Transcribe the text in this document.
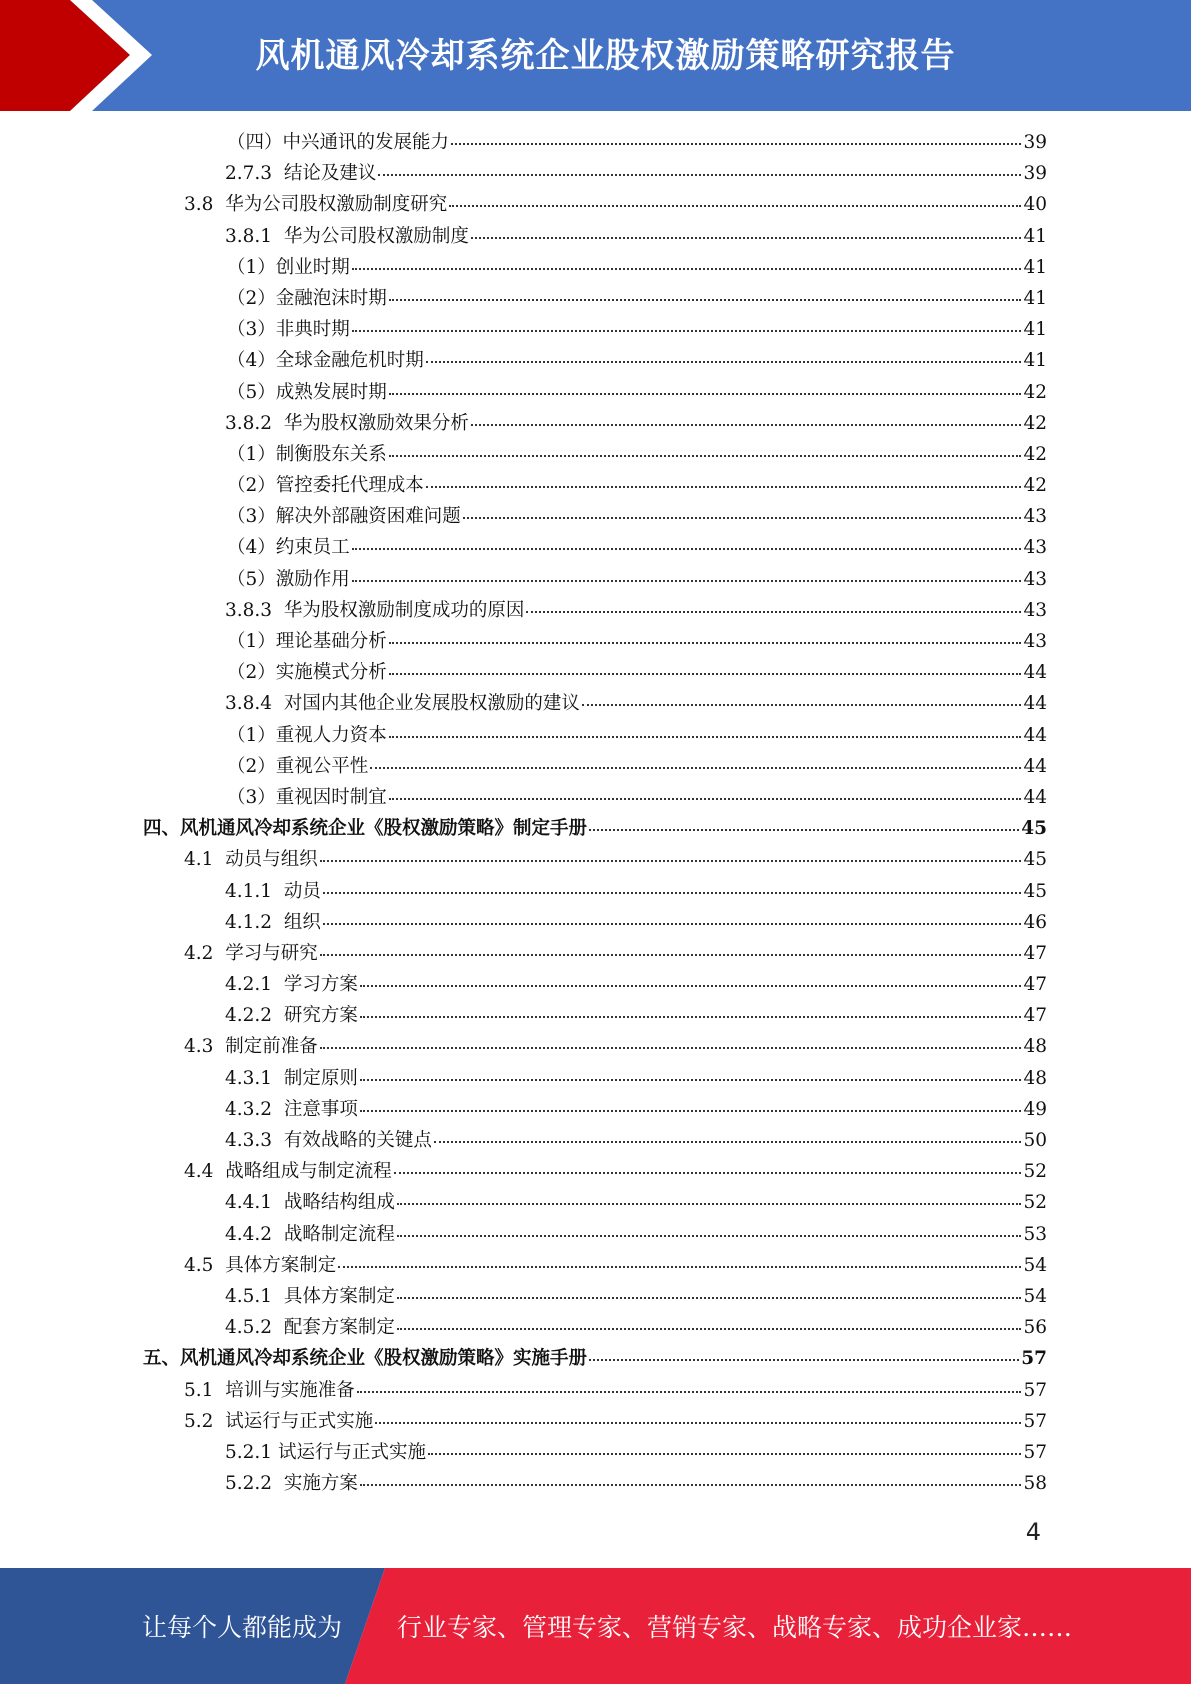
风机通风冷却系统企业股权激励策略研究报告
（四） 中兴通讯的发展能力	39
2.7.3 结论及建议	39
3.8 华为公司股权激励制度研究	40
3.8.1 华为公司股权激励制度	41
（1） 创业时期	41
（2） 金融泡沫时期	41
（3） 非典时期	41
（4） 全球金融危机时期	41
（5） 成熟发展时期	42
3.8.2 华为股权激励效果分析	42
（1） 制衡股东关系	42
（2） 管控委托代理成本	42
（3） 解决外部融资困难问题	43
（4） 约束员工	43
（5） 激励作用	43
3.8.3 华为股权激励制度成功的原因	43
（1） 理论基础分析	43
（2） 实施模式分析	44
3.8.4 对国内其他企业发展股权激励的建议	44
（1） 重视人力资本	44
（2） 重视公平性	44
（3） 重视因时制宜	44
四、 风机通风冷却系统企业《股权激励策略》制定手册	45
4.1 动员与组织	45
4.1.1 动员	45
4.1.2 组织	46
4.2 学习与研究	47
4.2.1 学习方案	47
4.2.2 研究方案	47
4.3 制定前准备	48
4.3.1 制定原则	48
4.3.2 注意事项	49
4.3.3 有效战略的关键点	50
4.4 战略组成与制定流程	52
4.4.1 战略结构组成	52
4.4.2 战略制定流程	53
4.5 具体方案制定	54
4.5.1 具体方案制定	54
4.5.2 配套方案制定	56
五、 风机通风冷却系统企业《股权激励策略》实施手册	57
5.1 培训与实施准备	57
5.2 试运行与正式实施	57
5.2.1 试运行与正式实施	57
5.2.2 实施方案	58
4
让每个人都能成为 行业专家、管理专家、营销专家、战略专家、成功企业家……
